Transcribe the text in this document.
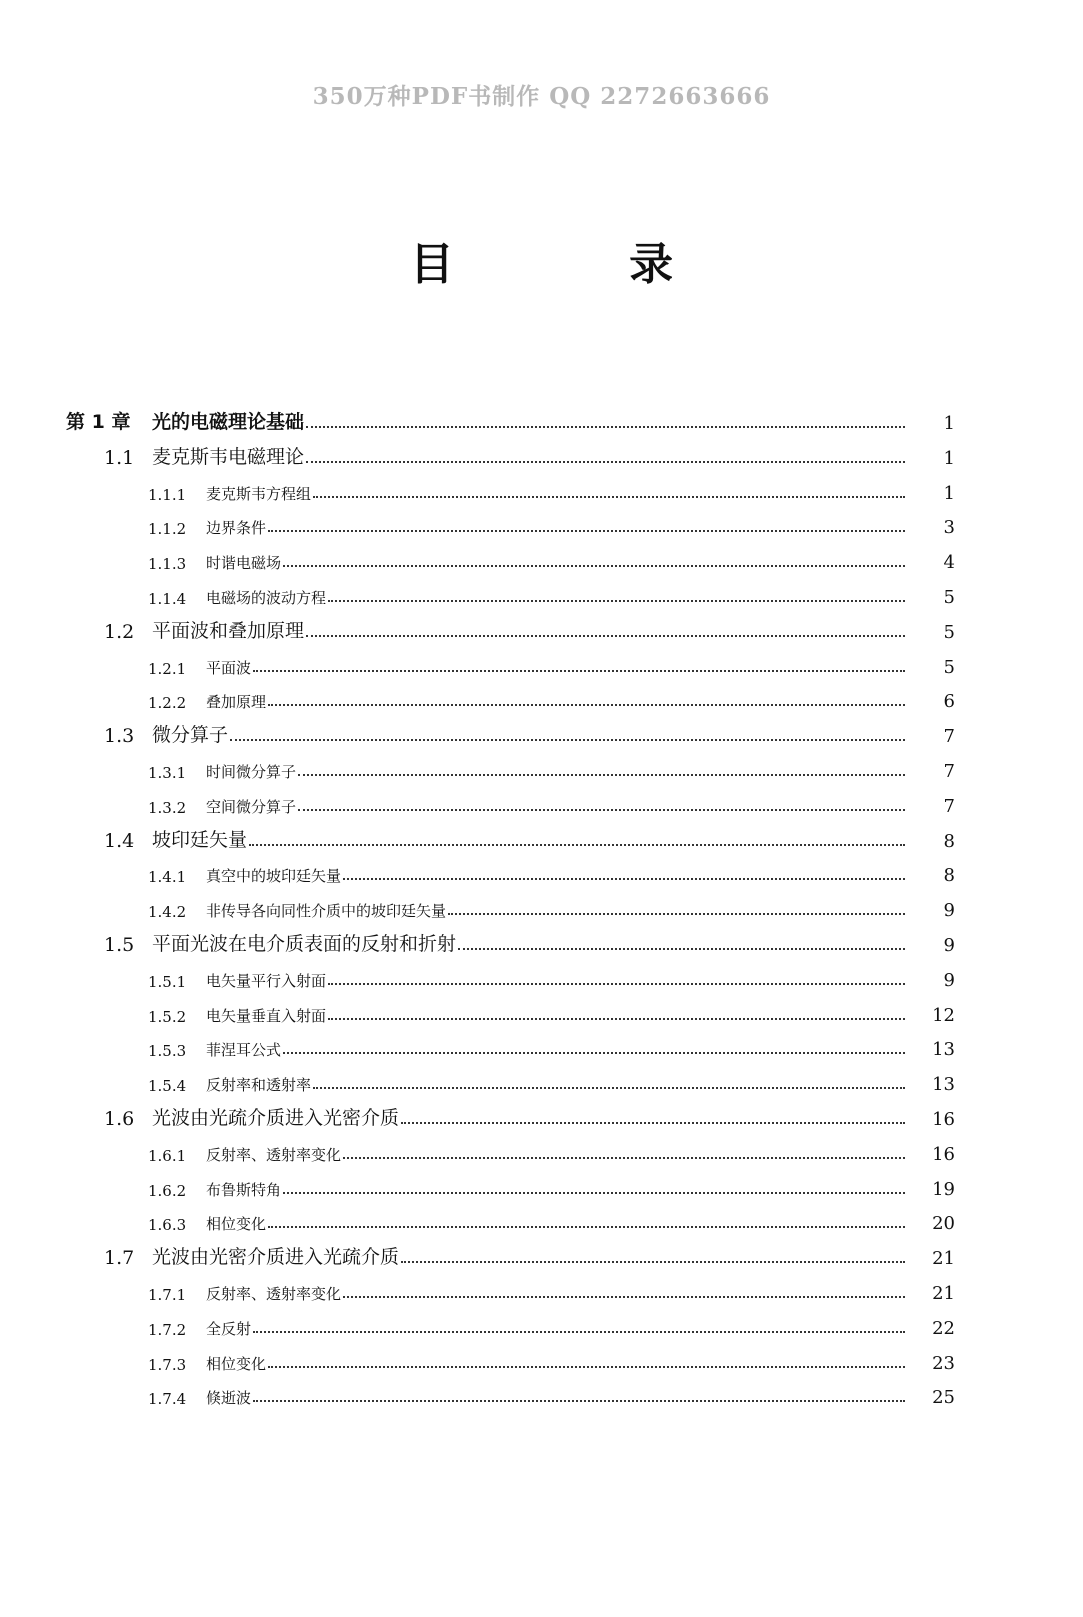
350万种PDF书制作 QQ 2272663666
目 录
第 1 章	光的电磁理论基础	1
1.1 麦克斯韦电磁理论	1
1.1.1	麦克斯韦方程组	1
1.1.2	边界条件	3
1.1.3	时谐电磁场	4
1.1.4	电磁场的波动方程	5
1.2 平面波和叠加原理	5
1.2.1	平面波	5
1.2.2	叠加原理	6
1.3 微分算子	7
1.3.1	时间微分算子	7
1.3.2	空间微分算子	7
1.4 坡印廷矢量	8
1.4.1	真空中的坡印廷矢量	8
1.4.2	非传导各向同性介质中的坡印廷矢量	9
1.5 平面光波在电介质表面的反射和折射	9
1.5.1	电矢量平行入射面	9
1.5.2	电矢量垂直入射面	12
1.5.3	菲涅耳公式	13
1.5.4	反射率和透射率	13
1.6 光波由光疏介质进入光密介质	16
1.6.1	反射率、透射率变化	16
1.6.2	布鲁斯特角	19
1.6.3	相位变化	20
1.7 光波由光密介质进入光疏介质	21
1.7.1	反射率、透射率变化	21
1.7.2	全反射	22
1.7.3	相位变化	23
1.7.4	倏逝波	25
